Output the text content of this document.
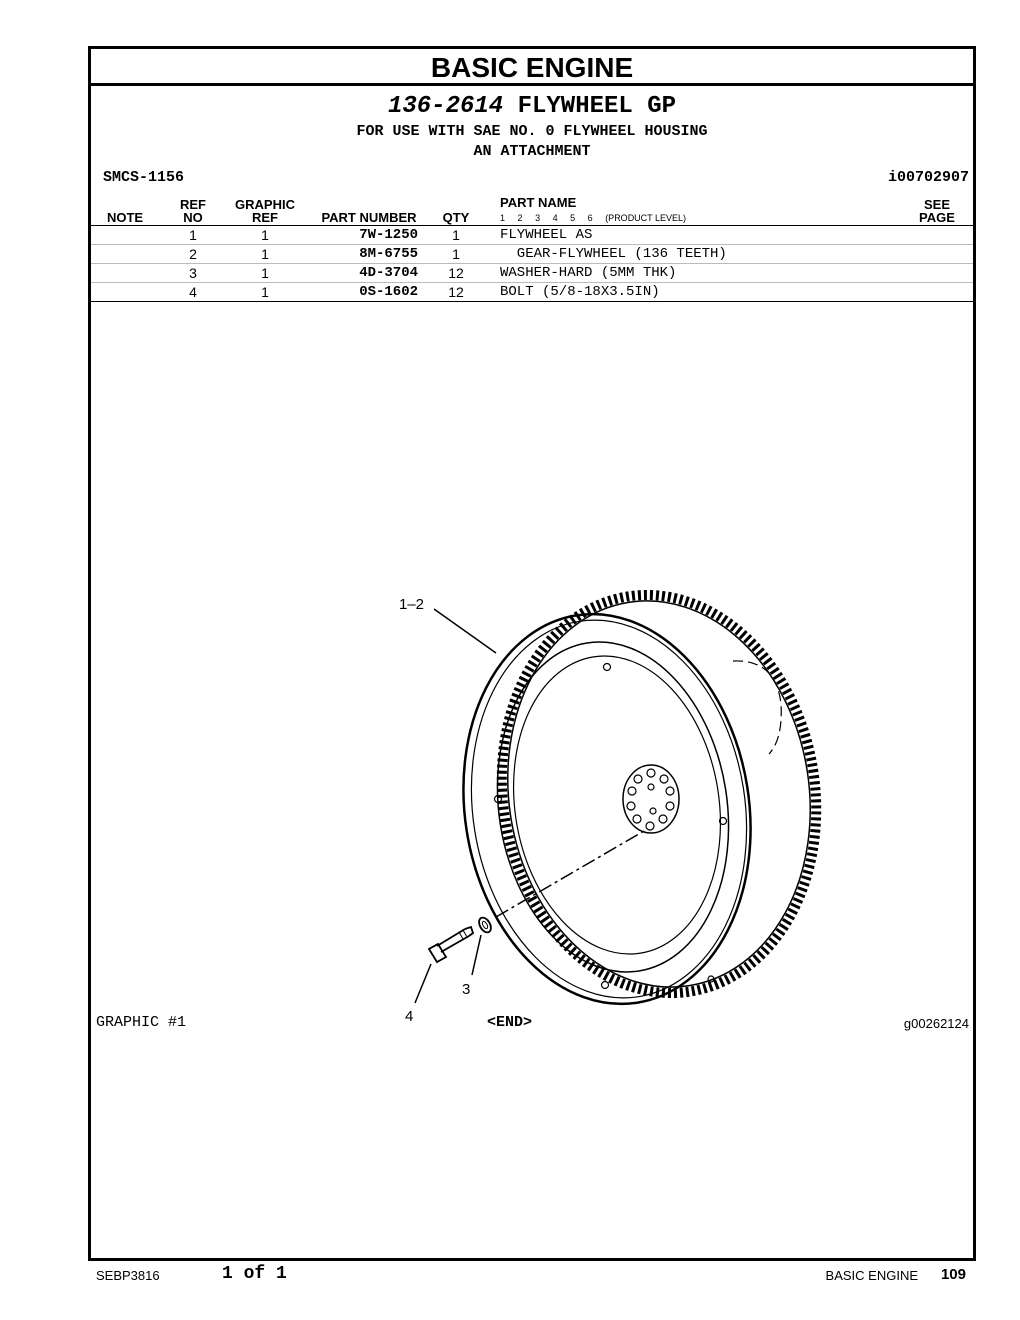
BASIC ENGINE
136-2614 FLYWHEEL GP
FOR USE WITH SAE NO. 0 FLYWHEEL HOUSING
AN ATTACHMENT
SMCS-1156	i00702907
NOTE
REF
NO
GRAPHIC
REF	PART NUMBER	QTY
PART NAME
1 2 3 4 5 6 (PRODUCT LEVEL)
SEE
PAGE
1	1	7W-1250	1	FLYWHEEL AS
2	1	8M-6755	1	GEAR-FLYWHEEL (136 TEETH)
3	1	4D-3704	12	WASHER-HARD (5MM THK)
4	1	0S-1602	12	BOLT (5/8-18X3.5IN)
1–2
3
4
GRAPHIC #1	<END>	g00262124
SEBP3816	1 of 1	BASIC ENGINE 109
